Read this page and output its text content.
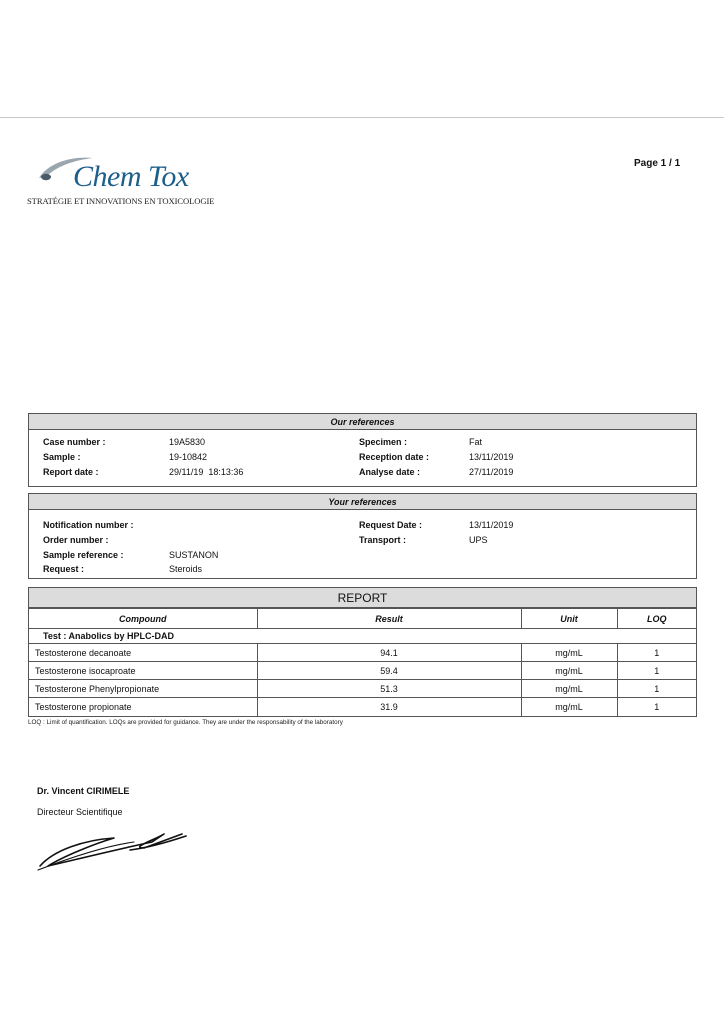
Chem Tox
STRATÉGIE ET INNOVATIONS EN TOXICOLOGIE
Page 1 / 1
Our references
Case number :	19A5830
Sample :	19-10842
Report date :	29/11/19  18:13:36
Specimen :	Fat
Reception date :	13/11/2019
Analyse date :	27/11/2019
Your references
Notification number :
Order number :
Sample reference :	SUSTANON
Request :	Steroids
Request Date :	13/11/2019
Transport :	UPS
REPORT
Compound	Result	Unit	LOQ
Test : Anabolics by HPLC-DAD			
Testosterone decanoate	94.1	mg/mL	1
Testosterone isocaproate	59.4	mg/mL	1
Testosterone Phenylpropionate	51.3	mg/mL	1
Testosterone propionate	31.9	mg/mL	1
LOQ : Limit of quantification. LOQs are provided for guidance. They are under the responsability of the laboratory
Dr. Vincent CIRIMELE
Directeur Scientifique
